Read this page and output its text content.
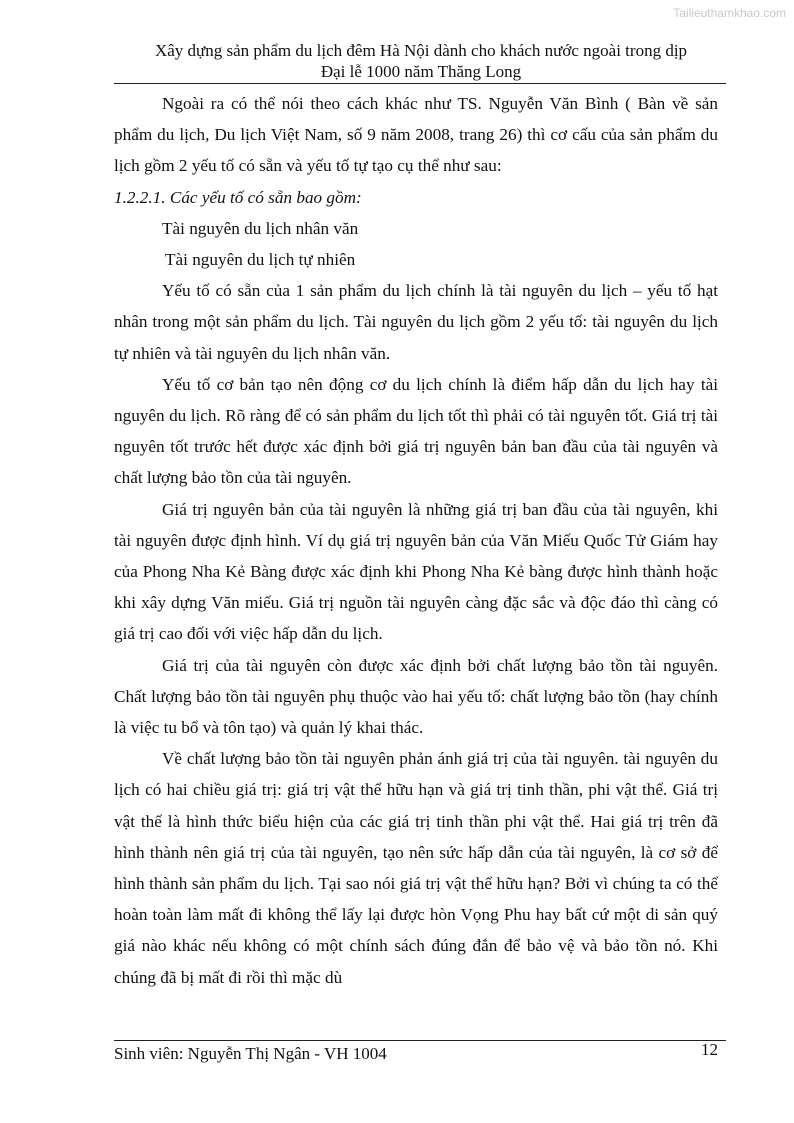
Tailieuthamkhao.com
Xây dựng sản phẩm du lịch đêm Hà Nội dành cho khách nước ngoài trong dịp
Đại lễ 1000 năm Thăng Long

Ngoài ra có thể nói theo cách khác như TS. Nguyễn Văn Bình ( Bàn về sản phẩm du lịch, Du lịch Việt Nam, số 9 năm 2008, trang 26) thì cơ cấu của sản phẩm du lịch gồm 2 yếu tố có sẵn và yếu tố tự tạo cụ thể như sau:

1.2.2.1. Các yếu tố có sẵn bao gồm:

Tài nguyên du lịch nhân văn

Tài nguyên du lịch tự nhiên

Yếu tố có sẵn của 1 sản phẩm du lịch chính là tài nguyên du lịch – yếu tố hạt nhân trong một sản phẩm du lịch. Tài nguyên du lịch gồm 2 yếu tố: tài nguyên du lịch tự nhiên và tài nguyên du lịch nhân văn.

Yếu tố cơ bản tạo nên động cơ du lịch chính là điểm hấp dẫn du lịch hay tài nguyên du lịch. Rõ ràng để có sản phẩm du lịch tốt thì phải có tài nguyên tốt. Giá trị tài nguyên tốt trước hết được xác định bởi giá trị nguyên bản ban đầu của tài nguyên và chất lượng bảo tồn của tài nguyên.

Giá trị nguyên bản của tài nguyên là những giá trị ban đầu của tài nguyên, khi tài nguyên được định hình. Ví dụ giá trị nguyên bản của Văn Miếu Quốc Tử Giám hay của Phong Nha Kẻ Bàng được xác định khi Phong Nha Kẻ bàng được hình thành hoặc khi xây dựng Văn miếu. Giá trị nguồn tài nguyên càng đặc sắc và độc đáo thì càng có giá trị cao đối với việc hấp dẫn du lịch.

Giá trị của tài nguyên còn được xác định bởi chất lượng bảo tồn tài nguyên. Chất lượng bảo tồn tài nguyên phụ thuộc vào hai yếu tố: chất lượng bảo tồn (hay chính là việc tu bổ và tôn tạo) và quản lý khai thác.

Về chất lượng bảo tồn tài nguyên phản ánh giá trị của tài nguyên. tài nguyên du lịch có hai chiều giá trị: giá trị vật thể hữu hạn và giá trị tinh thần, phi vật thể. Giá trị vật thể là hình thức biểu hiện của các giá trị tinh thần phi vật thể. Hai giá trị trên đã hình thành nên giá trị của tài nguyên, tạo nên sức hấp dẫn của tài nguyên, là cơ sở để hình thành sản phẩm du lịch. Tại sao nói giá trị vật thể hữu hạn? Bởi vì chúng ta có thể hoàn toàn làm mất đi không thể lấy lại được hòn Vọng Phu hay bất cứ một di sản quý giá nào khác nếu không có một chính sách đúng đắn để bảo vệ và bảo tồn nó. Khi chúng đã bị mất đi rồi thì mặc dù

Sinh viên: Nguyễn Thị Ngân - VH 1004	12
